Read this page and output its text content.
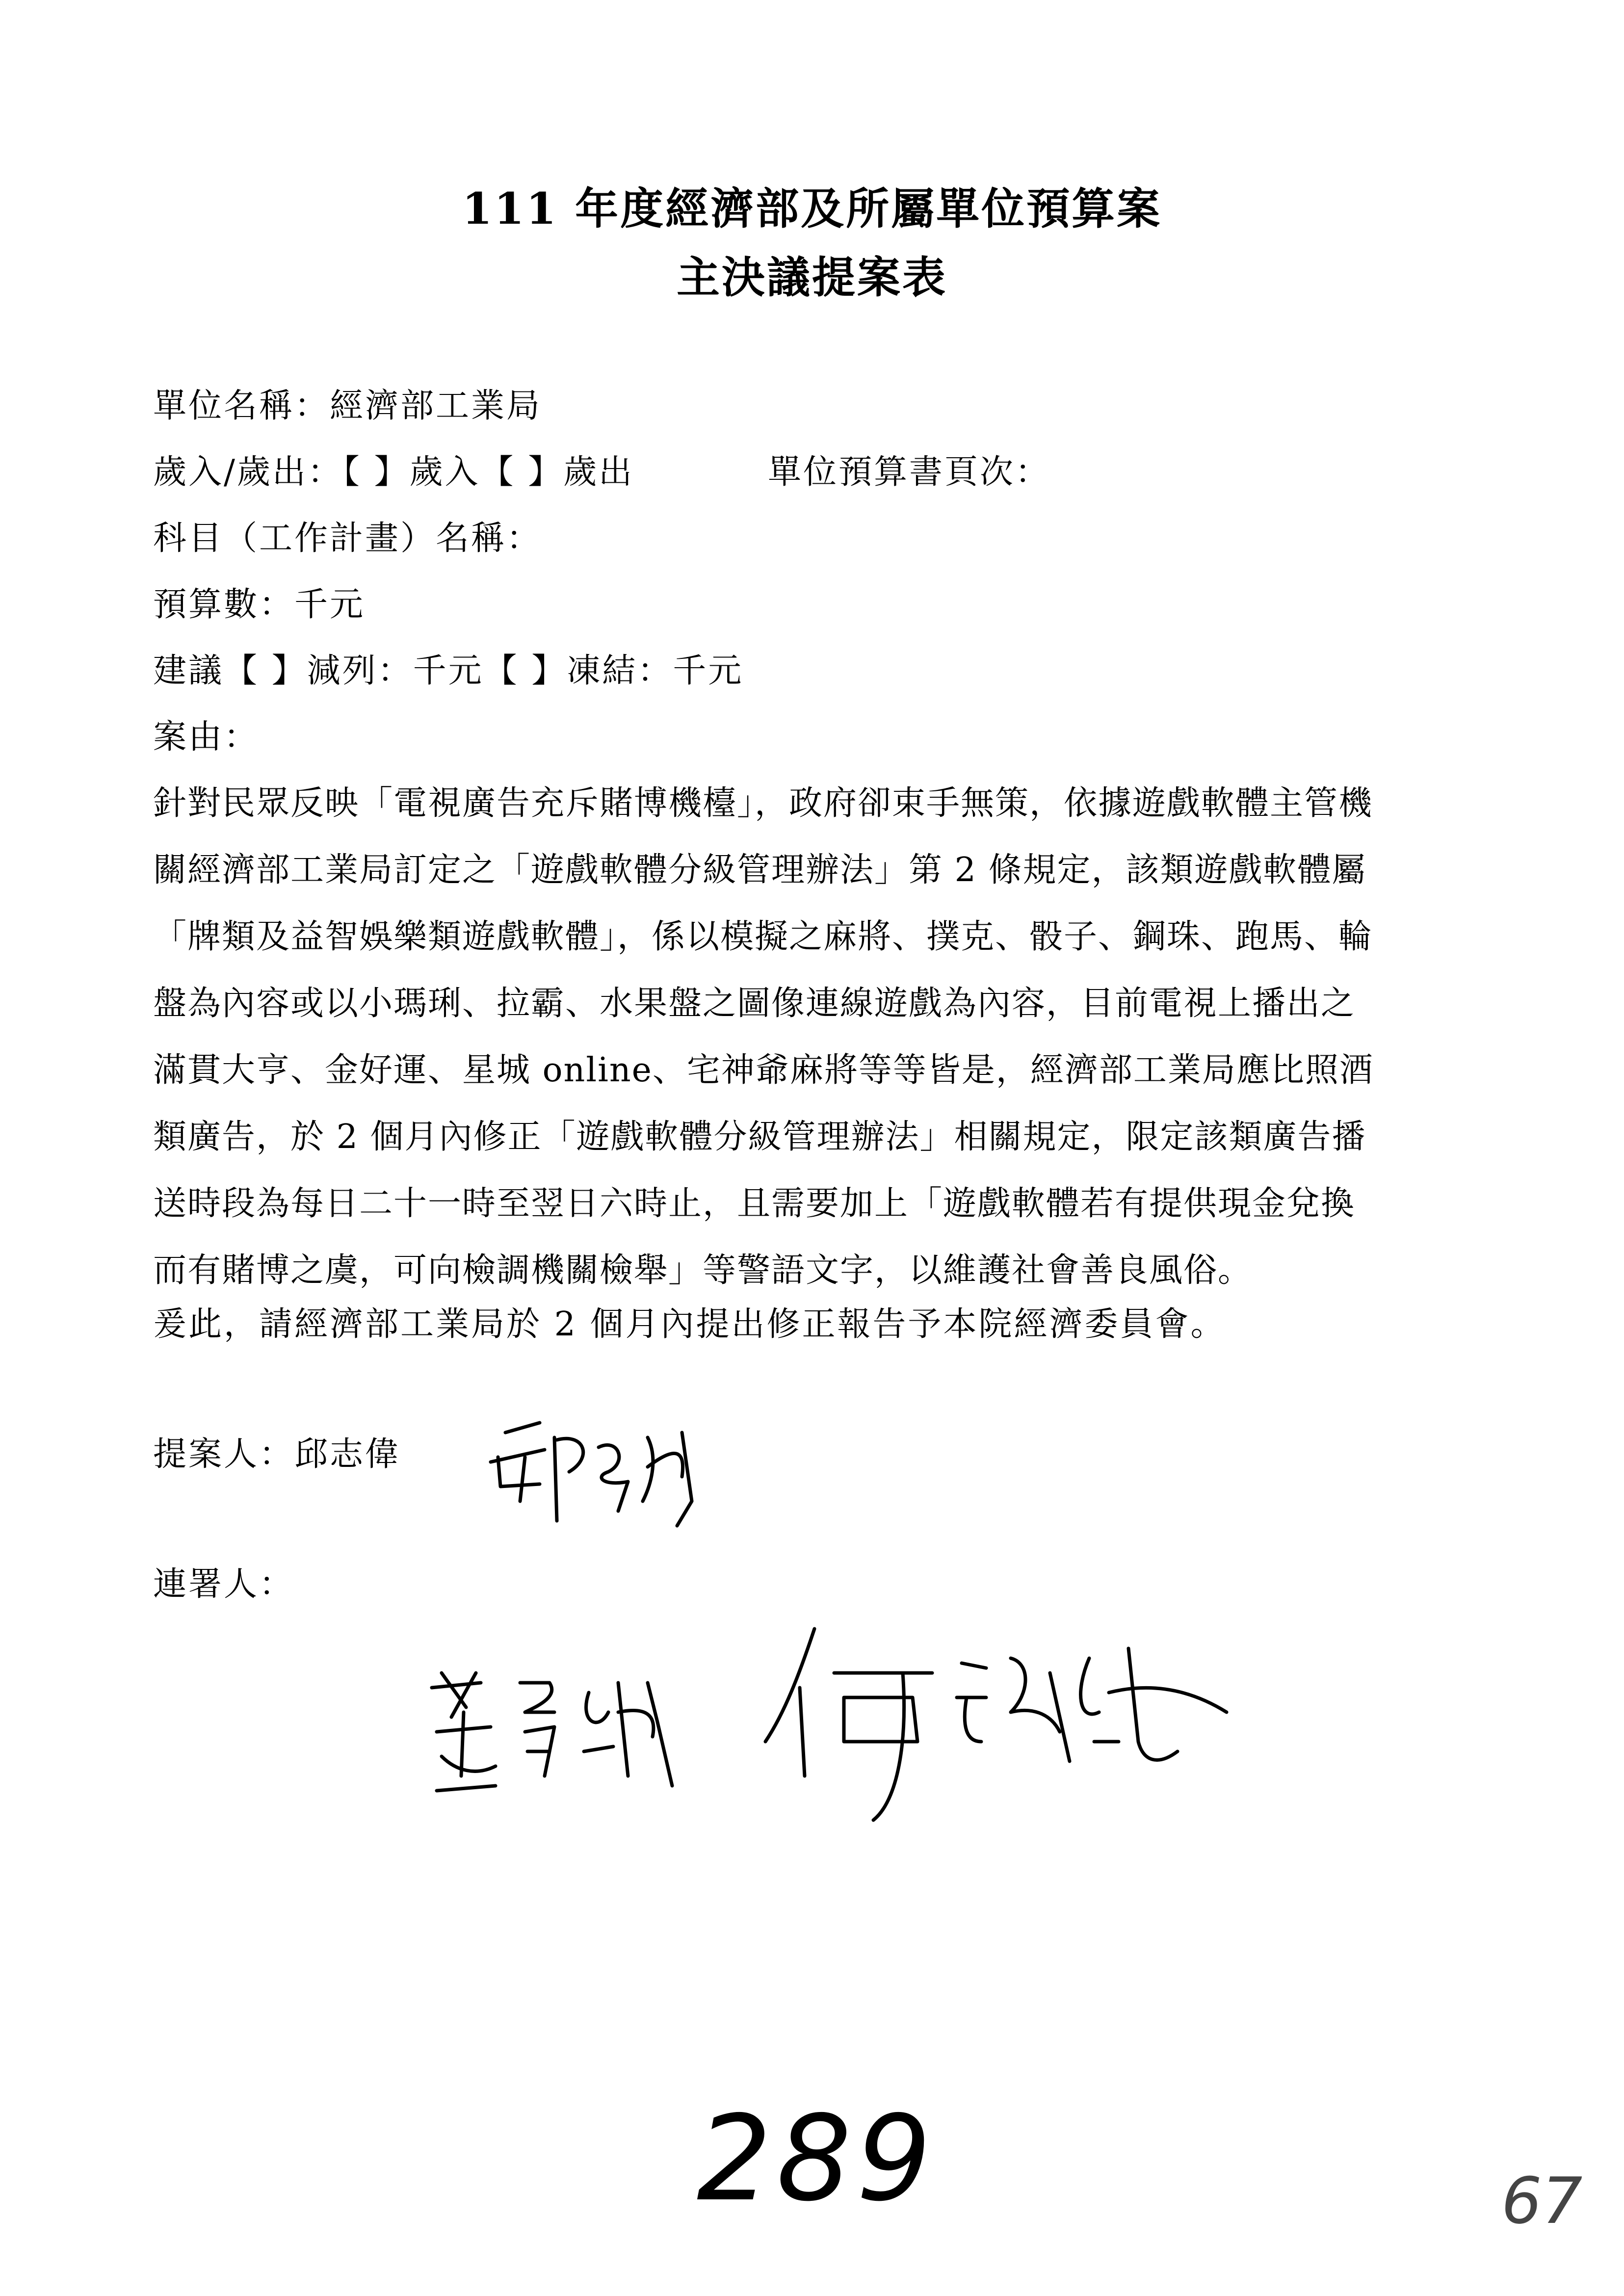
111 年度經濟部及所屬單位預算案
主決議提案表
單位名稱：經濟部工業局
歲入/歲出：【 】歲入【 】歲出	單位預算書頁次：
科目（工作計畫）名稱：
預算數：千元
建議【 】減列：千元【 】凍結：千元
案由：
針對民眾反映「電視廣告充斥賭博機檯」，政府卻束手無策，依據遊戲軟體主管機
關經濟部工業局訂定之「遊戲軟體分級管理辦法」第 2 條規定，該類遊戲軟體屬
「牌類及益智娛樂類遊戲軟體」，係以模擬之麻將、撲克、骰子、鋼珠、跑馬、輪
盤為內容或以小瑪琍、拉霸、水果盤之圖像連線遊戲為內容，目前電視上播出之
滿貫大亨、金好運、星城 online、宅神爺麻將等等皆是，經濟部工業局應比照酒
類廣告，於 2 個月內修正「遊戲軟體分級管理辦法」相關規定，限定該類廣告播
送時段為每日二十一時至翌日六時止，且需要加上「遊戲軟體若有提供現金兌換
而有賭博之虞，可向檢調機關檢舉」等警語文字，以維護社會善良風俗。
爰此，請經濟部工業局於 2 個月內提出修正報告予本院經濟委員會。
提案人：邱志偉
連署人：
289	67
